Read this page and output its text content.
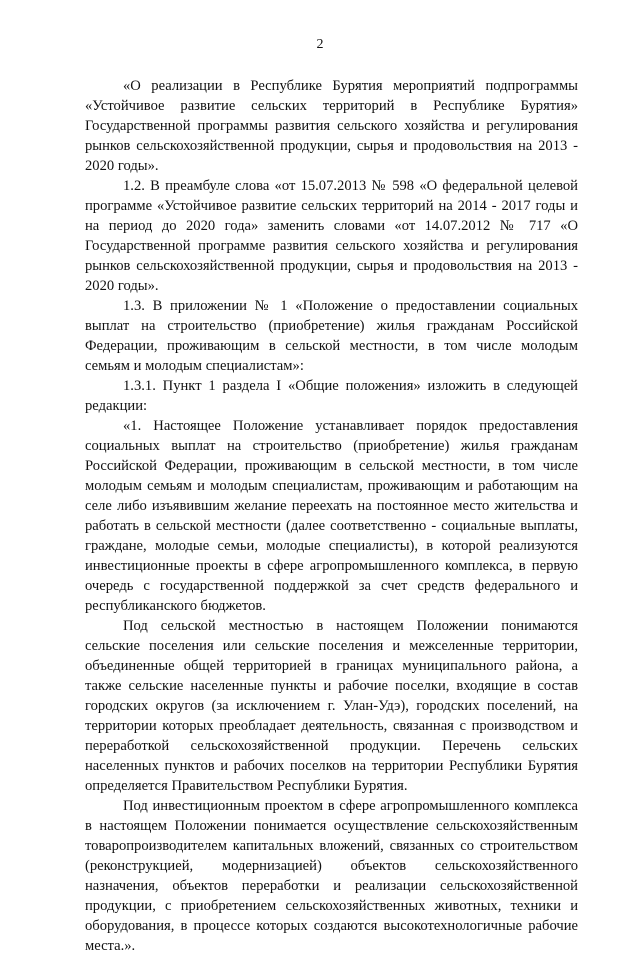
2

«О реализации в Республике Бурятия мероприятий подпрограммы «Устойчивое развитие сельских территорий в Республике Бурятия» Государственной программы развития сельского хозяйства и регулирования рынков сельскохозяйственной продукции, сырья и продовольствия на 2013 - 2020 годы».

1.2. В преамбуле слова «от 15.07.2013 № 598 «О федеральной целевой программе «Устойчивое развитие сельских территорий на 2014 - 2017 годы и на период до 2020 года» заменить словами «от 14.07.2012 № 717 «О Государственной программе развития сельского хозяйства и регулирования рынков сельскохозяйственной продукции, сырья и продовольствия на 2013 - 2020 годы».

1.3. В приложении № 1 «Положение о предоставлении социальных выплат на строительство (приобретение) жилья гражданам Российской Федерации, проживающим в сельской местности, в том числе молодым семьям и молодым специалистам»:

1.3.1. Пункт 1 раздела I «Общие положения» изложить в следующей редакции:

«1. Настоящее Положение устанавливает порядок предоставления социальных выплат на строительство (приобретение) жилья гражданам Российской Федерации, проживающим в сельской местности, в том числе молодым семьям и молодым специалистам, проживающим и работающим на селе либо изъявившим желание переехать на постоянное место жительства и работать в сельской местности (далее соответственно - социальные выплаты, граждане, молодые семьи, молодые специалисты), в которой реализуются инвестиционные проекты в сфере агропромышленного комплекса, в первую очередь с государственной поддержкой за счет средств федерального и республиканского бюджетов.

Под сельской местностью в настоящем Положении понимаются сельские поселения или сельские поселения и межселенные территории, объединенные общей территорией в границах муниципального района, а также сельские населенные пункты и рабочие поселки, входящие в состав городских округов (за исключением г. Улан-Удэ), городских поселений, на территории которых преобладает деятельность, связанная с производством и переработкой сельскохозяйственной продукции. Перечень сельских населенных пунктов и рабочих поселков на территории Республики Бурятия определяется Правительством Республики Бурятия.

Под инвестиционным проектом в сфере агропромышленного комплекса в настоящем Положении понимается осуществление сельскохозяйственным товаропроизводителем капитальных вложений, связанных со строительством (реконструкцией, модернизацией) объектов сельскохозяйственного назначения, объектов переработки и реализации сельскохозяйственной продукции, с приобретением сельскохозяйственных животных, техники и оборудования, в процессе которых создаются высокотехнологичные рабочие места.».
